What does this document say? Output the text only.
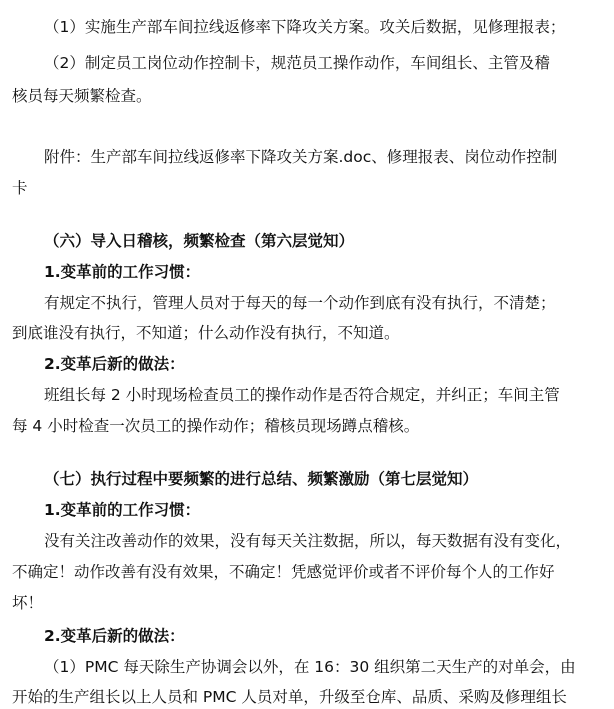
（1）实施生产部车间拉线返修率下降攻关方案。攻关后数据，见修理报表；
（2）制定员工岗位动作控制卡，规范员工操作动作，车间组长、主管及稽
核员每天频繁检查。
附件：生产部车间拉线返修率下降攻关方案.doc、修理报表、岗位动作控制
卡
（六）导入日稽核，频繁检查（第六层觉知）
1.变革前的工作习惯：
有规定不执行，管理人员对于每天的每一个动作到底有没有执行，不清楚；
到底谁没有执行，不知道；什么动作没有执行，不知道。
2.变革后新的做法：
班组长每 2 小时现场检查员工的操作动作是否符合规定，并纠正；车间主管
每 4 小时检查一次员工的操作动作；稽核员现场蹲点稽核。
（七）执行过程中要频繁的进行总结、频繁激励（第七层觉知）
1.变革前的工作习惯：
没有关注改善动作的效果，没有每天关注数据，所以，每天数据有没有变化，
不确定！动作改善有没有效果，不确定！凭感觉评价或者不评价每个人的工作好
坏！
2.变革后新的做法：
（1）PMC 每天除生产协调会以外，在 16：30 组织第二天生产的对单会，由
开始的生产组长以上人员和 PMC 人员对单，升级至仓库、品质、采购及修理组长
